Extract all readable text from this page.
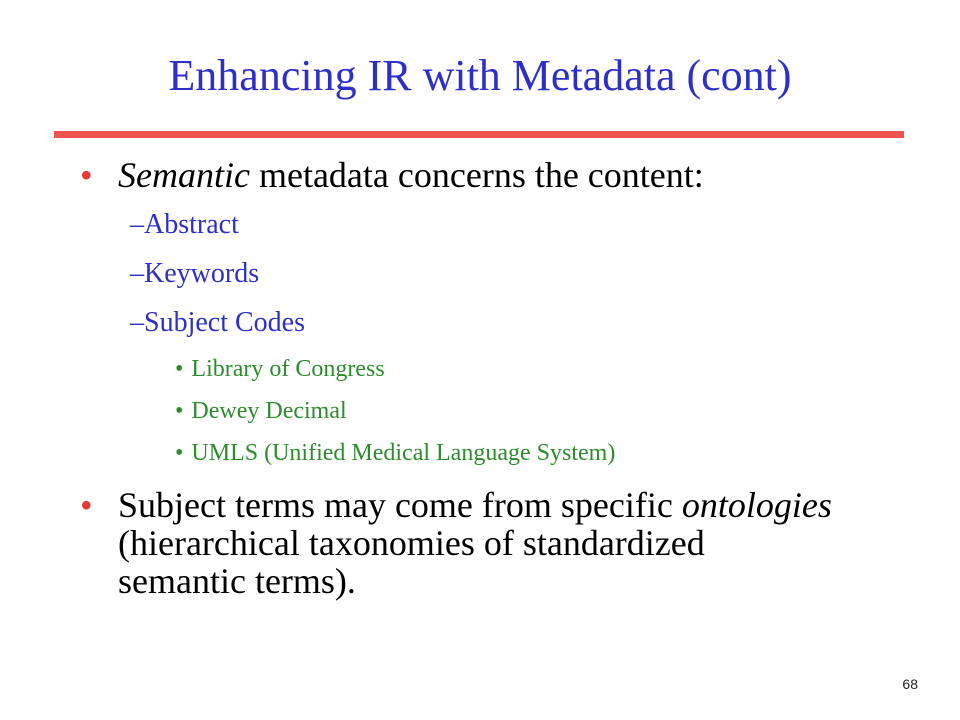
Enhancing IR with Metadata (cont)
• Semantic metadata concerns the content:
–Abstract
–Keywords
–Subject Codes
• Library of Congress
• Dewey Decimal
• UMLS (Unified Medical Language System)
• Subject terms may come from specific ontologies (hierarchical taxonomies of standardized semantic terms).
68
